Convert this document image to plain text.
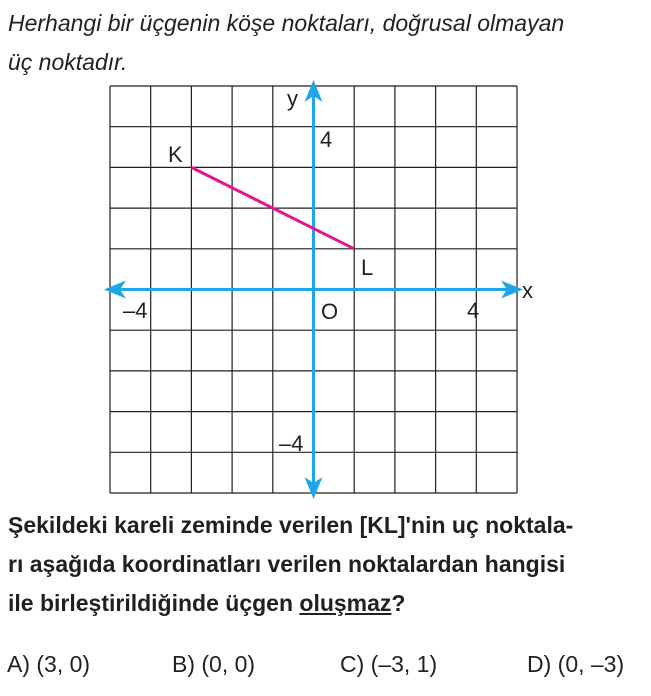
Herhangi bir üçgenin köşe noktaları, doğrusal olmayan
üç noktadır.
y
x
–4	4
4
–4
O
K
L
Şekildeki kareli zeminde verilen [KL]'nin uç noktala-
rı aşağıda koordinatları verilen noktalardan hangisi
ile birleştirildiğinde üçgen oluşmaz?
A) (3, 0)	B) (0, 0)	C) (–3, 1)	D) (0, –3)
